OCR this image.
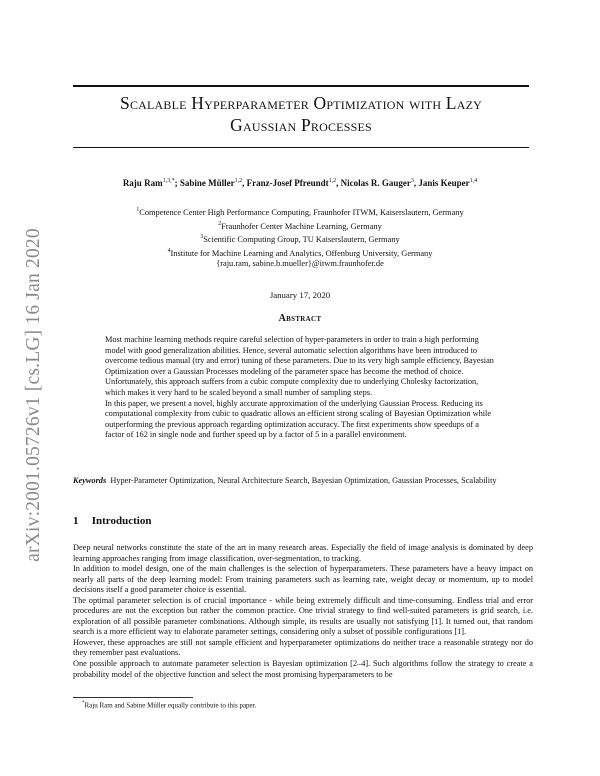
arXiv:2001.05726v1 [cs.LG] 16 Jan 2020
Scalable Hyperparameter Optimization with Lazy
Gaussian Processes
Raju Ram$^{1,3,*}$; Sabine Müller$^{1,2}$, Franz-Josef Pfreundt$^{1,2}$, Nicolas R. Gauger$^3$, Janis Keuper$^{1,4}$
$^1$Competence Center High Performance Computing, Fraunhofer ITWM, Kaiserslautern, Germany
$^2$Fraunhofer Center Machine Learning, Germany
$^3$Scientific Computing Group, TU Kaiserslautern, Germany
$^4$Institute for Machine Learning and Analytics, Offenburg University, Germany
{raju.ram, sabine.b.mueller}@itwm.fraunhofer.de
January 17, 2020
Abstract

Most machine learning methods require careful selection of hyper-parameters in order to train a high performing model with good generalization abilities. Hence, several automatic selection algorithms have been introduced to overcome tedious manual (try and error) tuning of these parameters. Due to its very high sample efficiency, Bayesian Optimization over a Gaussian Processes modeling of the parameter space has become the method of choice. Unfortunately, this approach suffers from a cubic compute complexity due to underlying Cholesky factorization, which makes it very hard to be scaled beyond a small number of sampling steps.

In this paper, we present a novel, highly accurate approximation of the underlying Gaussian Process. Reducing its computational complexity from cubic to quadratic allows an efficient strong scaling of Bayesian Optimization while outperforming the previous approach regarding optimization accuracy. The first experiments show speedups of a factor of 162 in single node and further speed up by a factor of 5 in a parallel environment.

Keywords Hyper-Parameter Optimization, Neural Architecture Search, Bayesian Optimization, Gaussian Processes, Scalability
1 Introduction

Deep neural networks constitute the state of the art in many research areas. Especially the field of image analysis is dominated by deep learning approaches ranging from image classification, over-segmentation, to tracking.

In addition to model design, one of the main challenges is the selection of hyperparameters. These parameters have a heavy impact on nearly all parts of the deep learning model: From training parameters such as learning rate, weight decay or momentum, up to model decisions itself a good parameter choice is essential.

The optimal parameter selection is of crucial importance - while being extremely difficult and time-consuming. Endless trial and error procedures are not the exception but rather the common practice. One trivial strategy to find well-suited parameters is grid search, i.e. exploration of all possible parameter combinations. Although simple, its results are usually not satisfying [1]. It turned out, that random search is a more efficient way to elaborate parameter settings, considering only a subset of possible configurations [1].

However, these approaches are still not sample efficient and hyperparameter optimizations do neither trace a reasonable strategy nor do they remember past evaluations.

One possible approach to automate parameter selection is Bayesian optimization [2–4]. Such algorithms follow the strategy to create a probability model of the objective function and select the most promising hyperparameters to be

*Raju Ram and Sabine Müller equally contribute to this paper.
